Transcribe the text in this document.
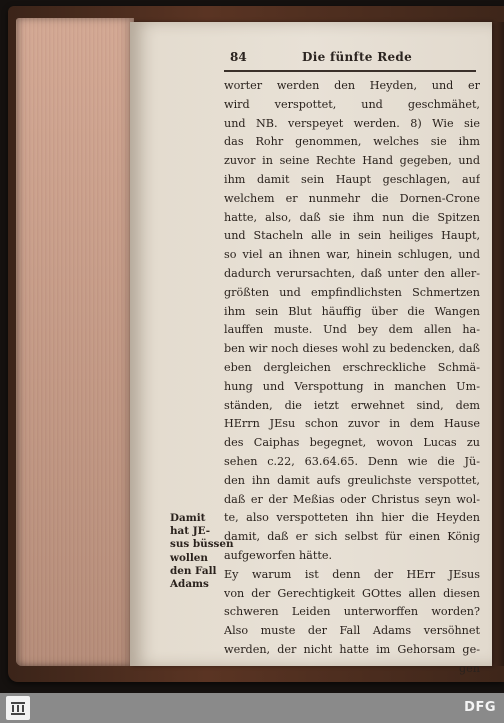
84	Die fünfte Rede
worter werden den Heyden, und er
wird verspottet, und geschmähet,
und NB. verspeyet werden. 8) Wie sie
das Rohr genommen, welches sie ihm
zuvor in seine Rechte Hand gegeben, und
ihm damit sein Haupt geschlagen, auf
welchem er nunmehr die Dornen-Crone
hatte, also, daß sie ihm nun die Spitzen
und Stacheln alle in sein heiliges Haupt,
so viel an ihnen war, hinein schlugen, und
dadurch verursachten, daß unter den aller-
größten und empfindlichsten Schmertzen
ihm sein Blut häuffig über die Wangen
lauffen muste. Und bey dem allen ha-
ben wir noch dieses wohl zu bedencken, daß
eben dergleichen erschreckliche Schmä-
hung und Verspottung in manchen Um-
ständen, die ietzt erwehnet sind, dem
HErrn JEsu schon zuvor in dem Hause
des Caiphas begegnet, wovon Lucas zu
sehen c.22, 63.64.65. Denn wie die Jü-
den ihn damit aufs greulichste verspottet,
daß er der Meßias oder Christus seyn wol-
te, also verspotteten ihn hier die Heyden
damit, daß er sich selbst für einen König
aufgeworfen hätte.
Ey warum ist denn der HErr JEsus
von der Gerechtigkeit GOttes allen diesen
schweren Leiden unterworffen worden?
Also muste der Fall Adams versöhnet
werden, der nicht hatte im Gehorsam ge-
gen
Damit
hat JE-
sus büssen
wollen
den Fall
Adams
DFG
